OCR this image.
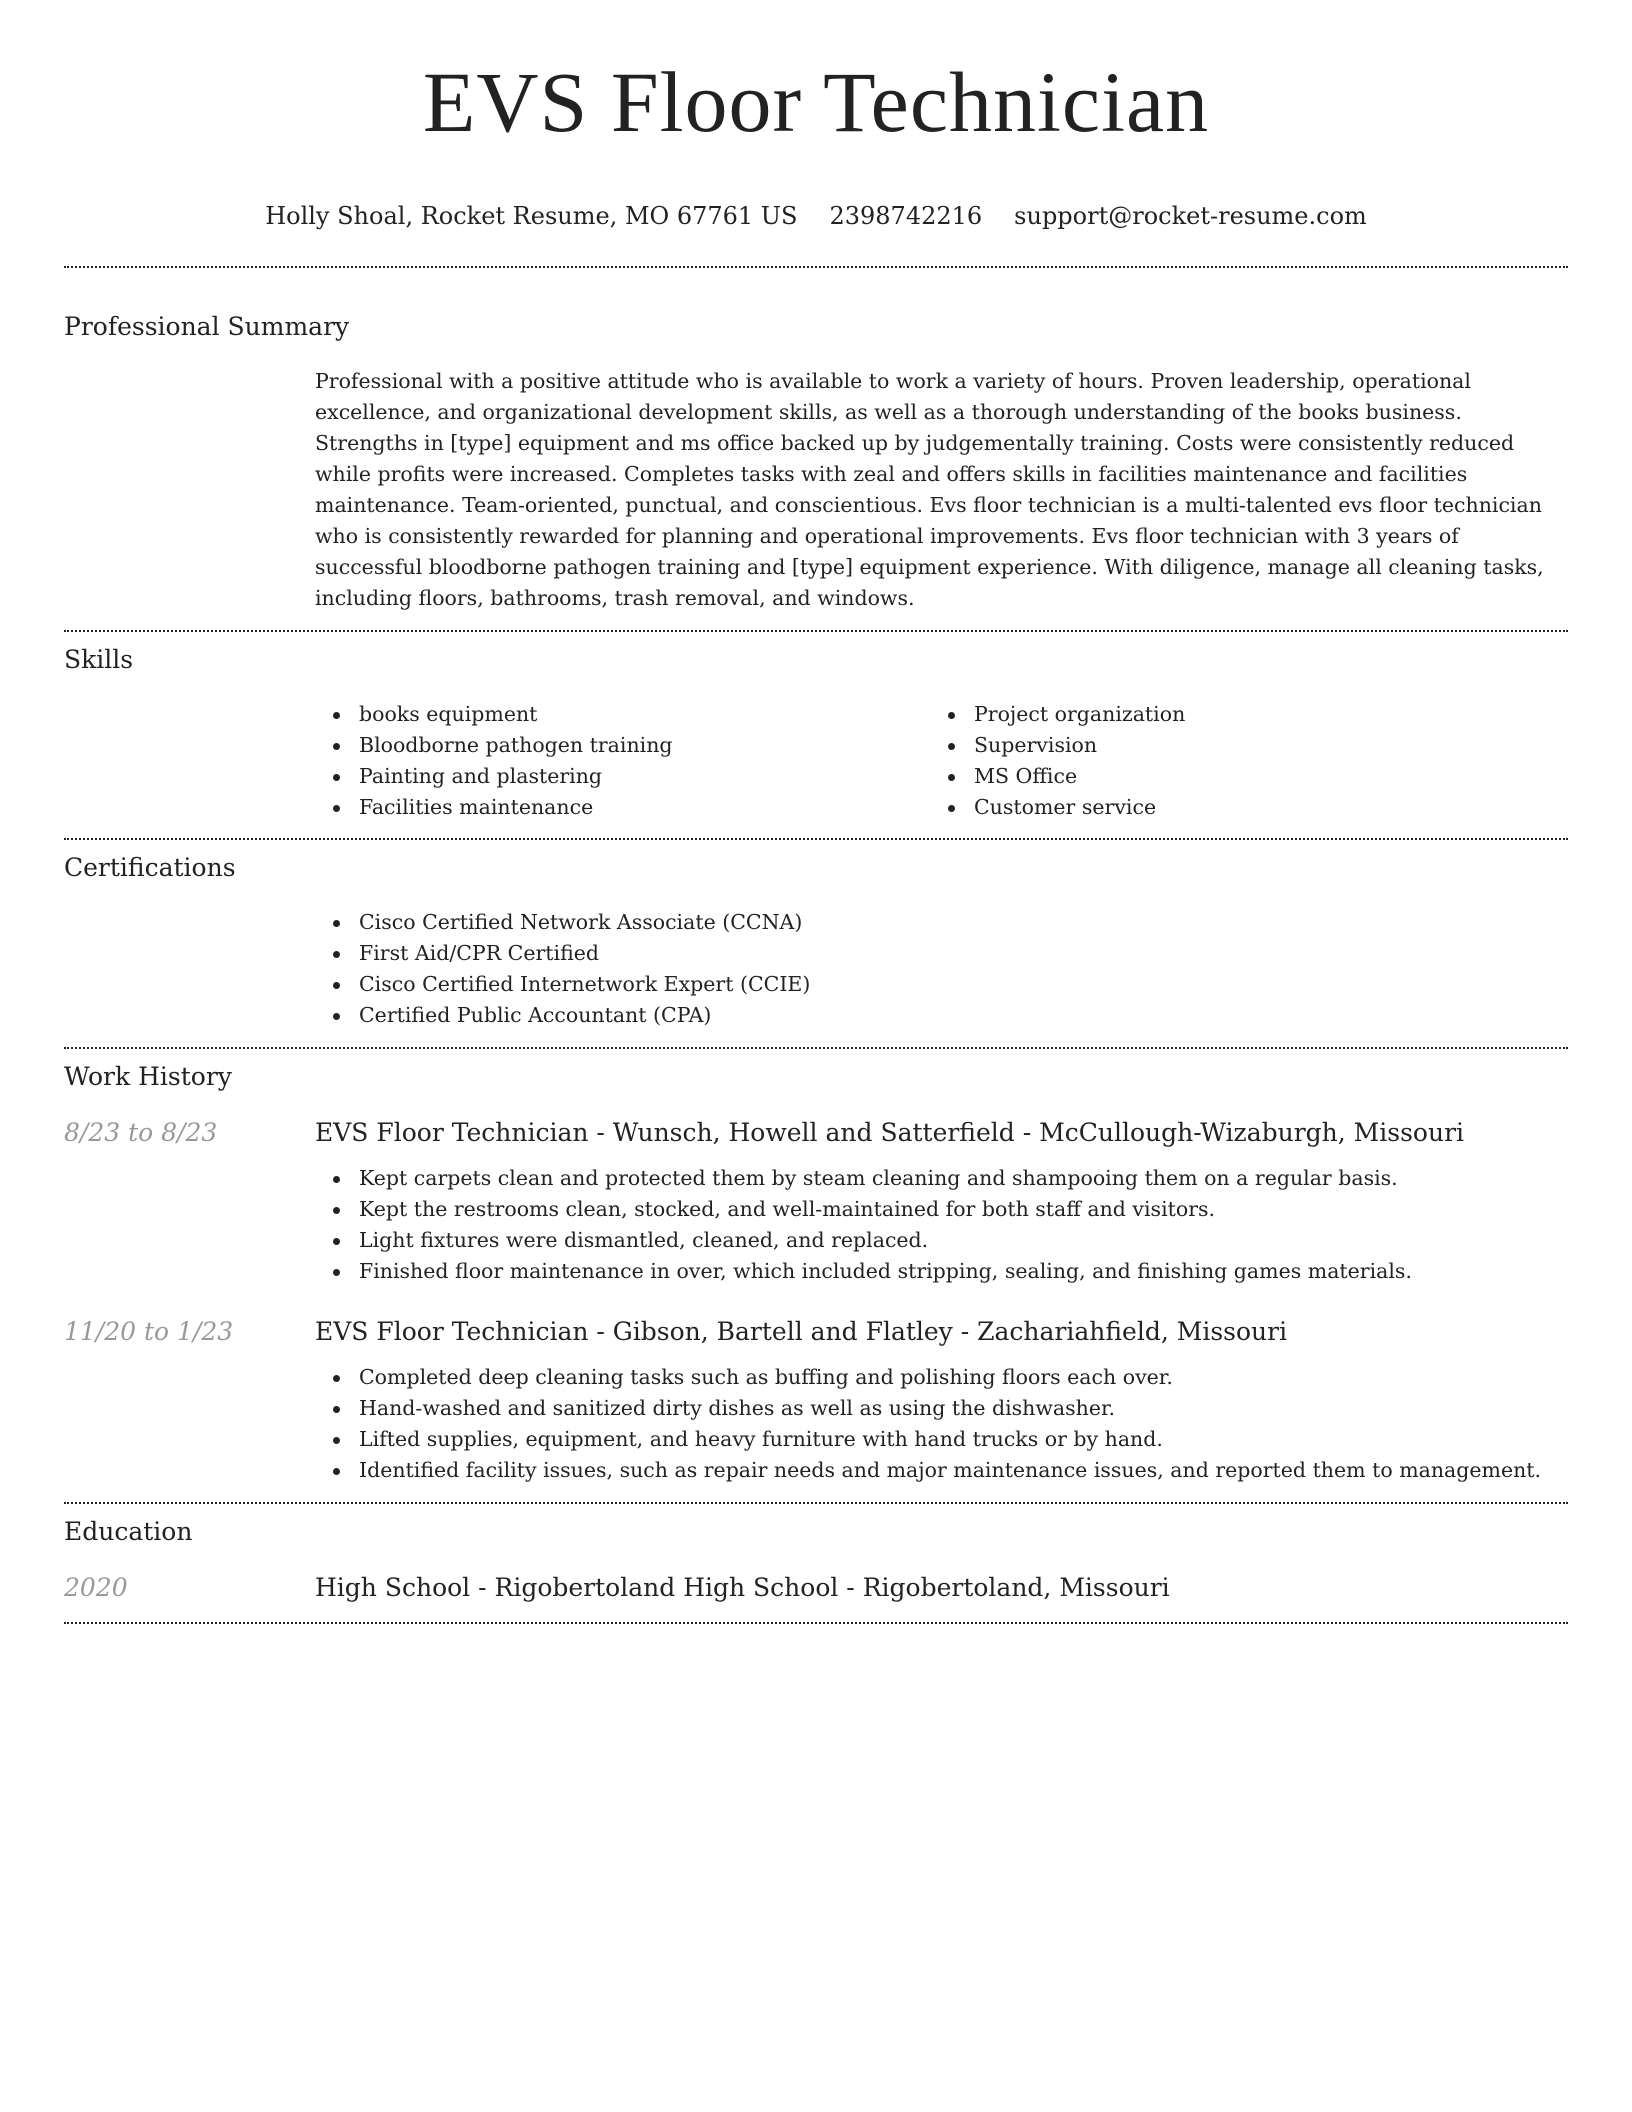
EVS Floor Technician
Holly Shoal, Rocket Resume, MO 67761 US 2398742216 support@rocket-resume.com
Professional Summary

Professional with a positive attitude who is available to work a variety of hours. Proven leadership, operational excellence, and organizational development skills, as well as a thorough understanding of the books business. Strengths in [type] equipment and ms office backed up by judgementally training. Costs were consistently reduced while profits were increased. Completes tasks with zeal and offers skills in facilities maintenance and facilities maintenance. Team-oriented, punctual, and conscientious. Evs floor technician is a multi-talented evs floor technician who is consistently rewarded for planning and operational improvements. Evs floor technician with 3 years of successful bloodborne pathogen training and [type] equipment experience. With diligence, manage all cleaning tasks, including floors, bathrooms, trash removal, and windows.

Skills
books equipment
Bloodborne pathogen training
Painting and plastering
Facilities maintenance
Project organization
Supervision
MS Office
Customer service
Certifications
Cisco Certified Network Associate (CCNA)
First Aid/CPR Certified
Cisco Certified Internetwork Expert (CCIE)
Certified Public Accountant (CPA)
Work History
8/23 to 8/23	EVS Floor Technician - Wunsch, Howell and Satterfield - McCullough-Wizaburgh, Missouri
Kept carpets clean and protected them by steam cleaning and shampooing them on a regular basis.
Kept the restrooms clean, stocked, and well-maintained for both staff and visitors.
Light fixtures were dismantled, cleaned, and replaced.
Finished floor maintenance in over, which included stripping, sealing, and finishing games materials.
11/20 to 1/23	EVS Floor Technician - Gibson, Bartell and Flatley - Zachariahfield, Missouri
Completed deep cleaning tasks such as buffing and polishing floors each over.
Hand-washed and sanitized dirty dishes as well as using the dishwasher.
Lifted supplies, equipment, and heavy furniture with hand trucks or by hand.
Identified facility issues, such as repair needs and major maintenance issues, and reported them to management.
Education
2020	High School - Rigobertoland High School - Rigobertoland, Missouri
